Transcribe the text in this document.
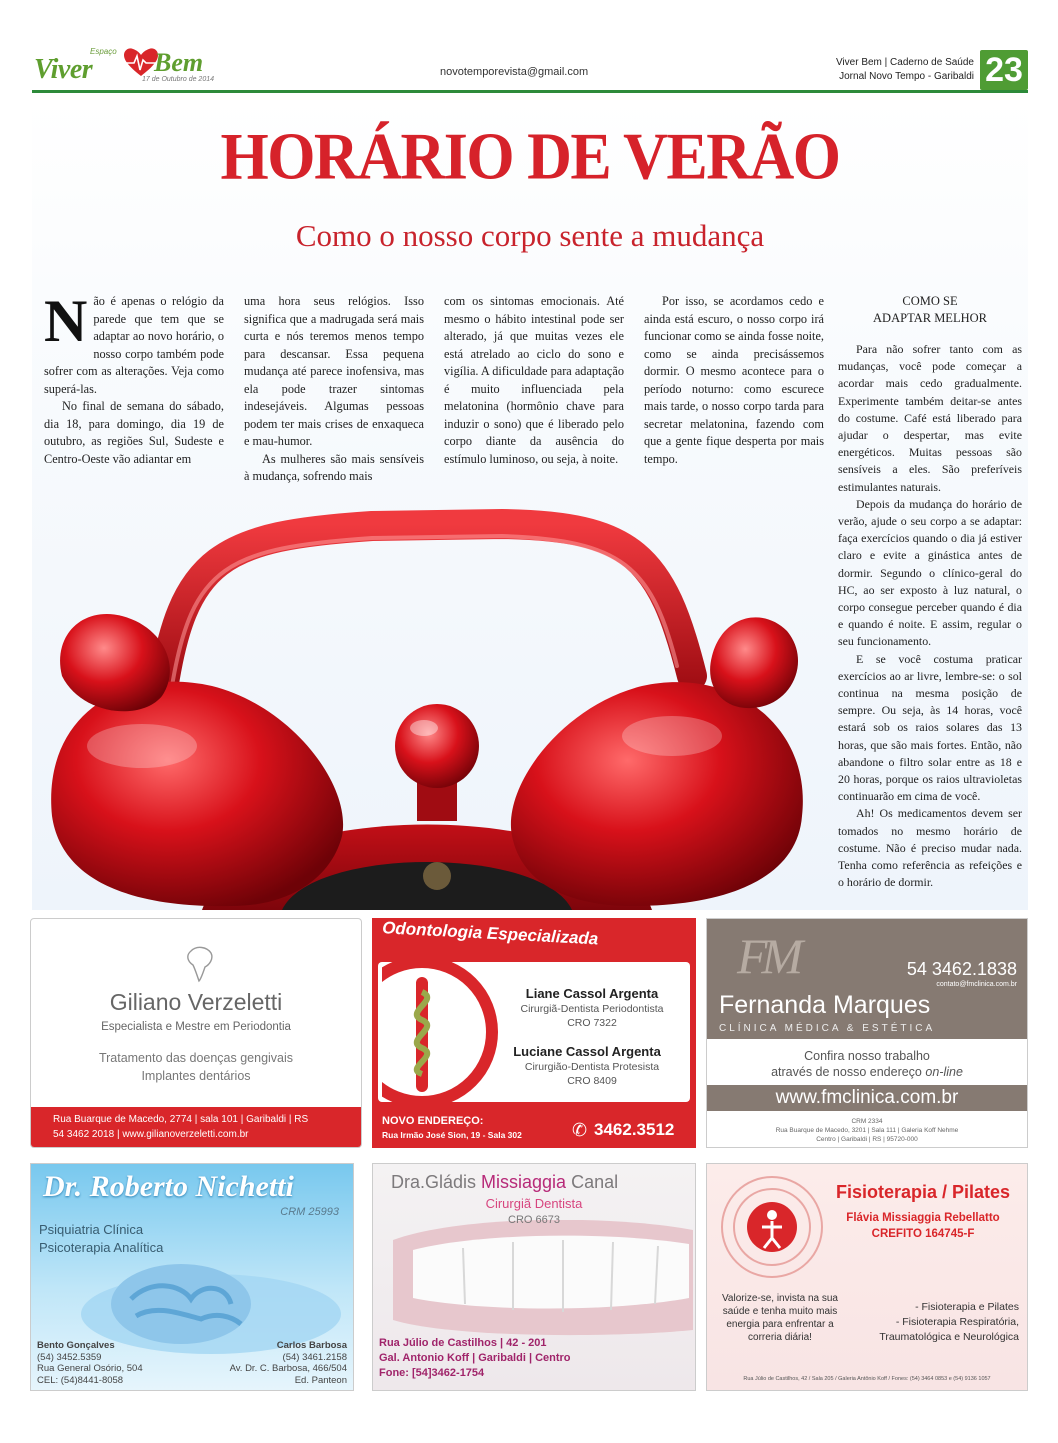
Espaço
Viver Bem
17 de Outubro de 2014
novotemporevista@gmail.com
Viver Bem | Caderno de Saúde
Jornal Novo Tempo - Garibaldi 23
HORÁRIO DE VERÃO
Como o nosso corpo sente a mudança

Não é apenas o relógio da parede que tem que se adaptar ao novo horário, o nosso corpo também pode sofrer com as alterações. Veja como superá-las.

No final de semana do sábado, dia 18, para domingo, dia 19 de outubro, as regiões Sul, Sudeste e Centro-Oeste vão adiantar em

uma hora seus relógios. Isso significa que a madrugada será mais curta e nós teremos menos tempo para descansar. Essa pequena mudança até parece inofensiva, mas ela pode trazer sintomas indesejáveis. Algumas pessoas podem ter mais crises de enxaqueca e mau-humor.

As mulheres são mais sensíveis à mudança, sofrendo mais

com os sintomas emocionais. Até mesmo o hábito intestinal pode ser alterado, já que muitas vezes ele está atrelado ao ciclo do sono e vigília. A dificuldade para adaptação é muito influenciada pela melatonina (hormônio chave para induzir o sono) que é liberado pelo corpo diante da ausência do estímulo luminoso, ou seja, à noite.

Por isso, se acordamos cedo e ainda está escuro, o nosso corpo irá funcionar como se ainda fosse noite, como se ainda precisássemos dormir. O mesmo acontece para o período noturno: como escurece mais tarde, o nosso corpo tarda para secretar melatonina, fazendo com que a gente fique desperta por mais tempo.

COMO SE
ADAPTAR MELHOR

Para não sofrer tanto com as mudanças, você pode começar a acordar mais cedo gradualmente. Experimente também deitar-se antes do costume. Café está liberado para ajudar o despertar, mas evite energéticos. Muitas pessoas são sensíveis a eles. São preferíveis estimulantes naturais.

Depois da mudança do horário de verão, ajude o seu corpo a se adaptar: faça exercícios quando o dia já estiver claro e evite a ginástica antes de dormir. Segundo o clínico-geral do HC, ao ser exposto à luz natural, o corpo consegue perceber quando é dia e quando é noite. E assim, regular o seu funcionamento.

E se você costuma praticar exercícios ao ar livre, lembre-se: o sol continua na mesma posição de sempre. Ou seja, às 14 horas, você estará sob os raios solares das 13 horas, que são mais fortes. Então, não abandone o filtro solar entre as 18 e 20 horas, porque os raios ultravioletas continuarão em cima de você.

Ah! Os medicamentos devem ser tomados no mesmo horário de costume. Não é preciso mudar nada. Tenha como referência as refeições e o horário de dormir.

Giliano Verzeletti
Especialista e Mestre em Periodontia
Tratamento das doenças gengivais
Implantes dentários
Rua Buarque de Macedo, 2774 | sala 101 | Garibaldi | RS
54 3462 2018 | www.gilianoverzeletti.com.br
Odontologia Especializada
Liane Cassol Argenta
Cirurgiã-Dentista Periodontista
CRO 7322
Luciane Cassol Argenta
Cirurgião-Dentista Protesista
CRO 8409
NOVO ENDEREÇO:
Rua Irmão José Sion, 19 - Sala 302	✆ 3462.3512
FM	54 3462.1838
contato@fmclinica.com.br
Fernanda Marques
CLÍNICA MÉDICA & ESTÉTICA
Confira nosso trabalho
através de nosso endereço on-line
www.fmclinica.com.br
CRM 2334
Rua Buarque de Macedo, 3201 | Sala 111 | Galeria Koff Nehme
Centro | Garibaldi | RS | 95720-000
Dr. Roberto Nichetti
CRM 25993
Psiquiatria Clínica
Psicoterapia Analítica
Bento Gonçalves
(54) 3452.5359
Rua General Osório, 504
CEL: (54)8441-8058
Carlos Barbosa
(54) 3461.2158
Av. Dr. C. Barbosa, 466/504
Ed. Panteon
Dra.Gládis Missiaggia Canal
Cirurgiã Dentista
CRO 6673
Rua Júlio de Castilhos | 42 - 201
Gal. Antonio Koff | Garibaldi | Centro
Fone: [54]3462-1754
Fisioterapia / Pilates
Flávia Missiaggia Rebellatto
CREFITO 164745-F
Valorize-se, invista na sua saúde e tenha muito mais energia para enfrentar a correria diária!
- Fisioterapia e Pilates
- Fisioterapia Respiratória,
Traumatológica e Neurológica
Rua Júlio de Castilhos, 42 / Sala 205 / Galeria Antônio Koff / Fones: (54) 3464 0853 e (54) 9136 1057
